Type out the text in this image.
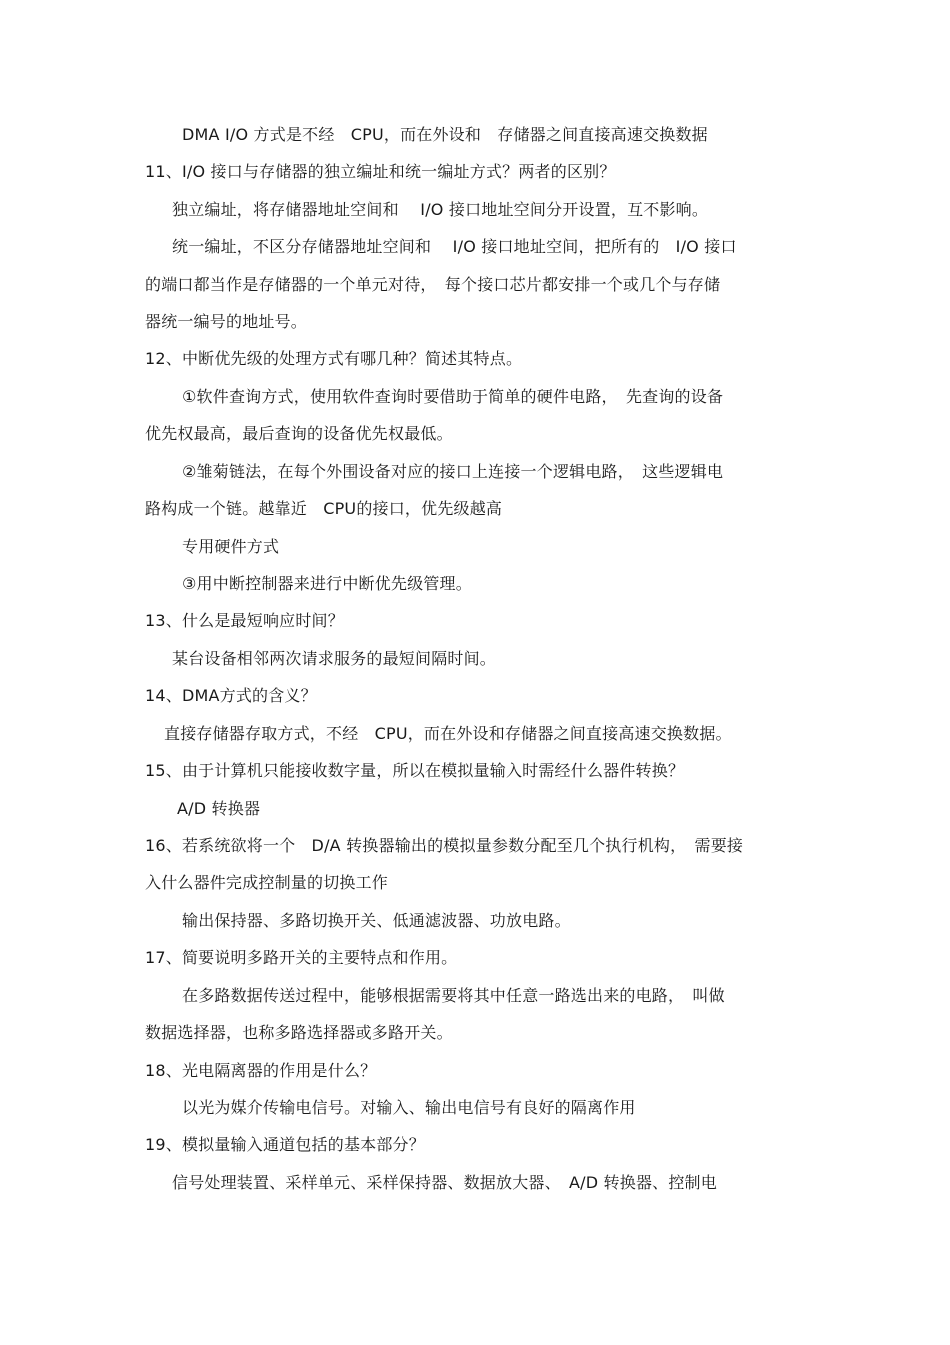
DMA I/O 方式是不经　CPU，而在外设和　存储器之间直接高速交换数据
11、I/O 接口与存储器的独立编址和统一编址方式？两者的区别？
独立编址，将存储器地址空间和　 I/O 接口地址空间分开设置，互不影响。
统一编址，不区分存储器地址空间和　 I/O 接口地址空间，把所有的　I/O 接口
的端口都当作是存储器的一个单元对待，　每个接口芯片都安排一个或几个与存储
器统一编号的地址号。
12、中断优先级的处理方式有哪几种？简述其特点。
①软件查询方式，使用软件查询时要借助于简单的硬件电路，　先查询的设备
优先权最高，最后查询的设备优先权最低。
②雏菊链法，在每个外围设备对应的接口上连接一个逻辑电路，　这些逻辑电
路构成一个链。越靠近　CPU的接口，优先级越高
专用硬件方式
③用中断控制器来进行中断优先级管理。
13、什么是最短响应时间？
某台设备相邻两次请求服务的最短间隔时间。
14、DMA方式的含义？
直接存储器存取方式，不经　CPU，而在外设和存储器之间直接高速交换数据。
15、由于计算机只能接收数字量，所以在模拟量输入时需经什么器件转换？
A/D 转换器
16、若系统欲将一个　D/A 转换器输出的模拟量参数分配至几个执行机构，　需要接
入什么器件完成控制量的切换工作
输出保持器、多路切换开关、低通滤波器、功放电路。
17、简要说明多路开关的主要特点和作用。
在多路数据传送过程中，能够根据需要将其中任意一路选出来的电路，　叫做
数据选择器，也称多路选择器或多路开关。
18、光电隔离器的作用是什么？
以光为媒介传输电信号。对输入、输出电信号有良好的隔离作用
19、模拟量输入通道包括的基本部分？
信号处理装置、采样单元、采样保持器、数据放大器、　A/D 转换器、控制电
